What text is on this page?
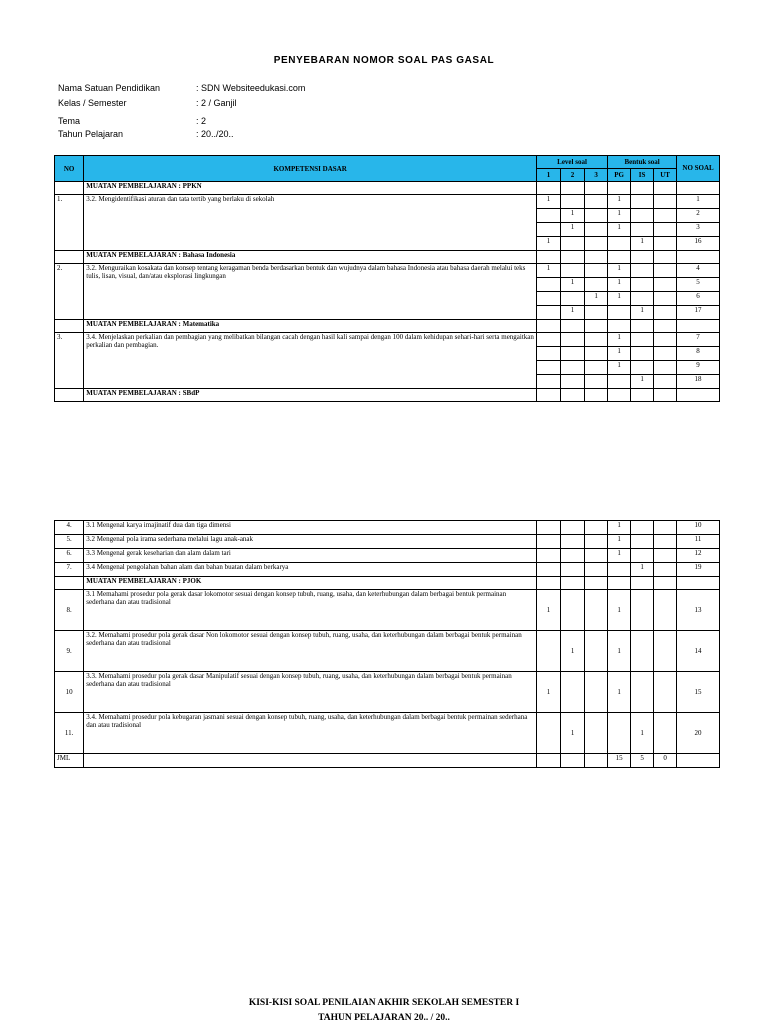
PENYEBARAN NOMOR SOAL PAS GASAL
Nama Satuan Pendidikan	: SDN Websiteedukasi.com
Kelas / Semester	: 2 / Ganjil
Tema	: 2
Tahun Pelajaran	: 20../20..
NO	KOMPETENSI DASAR	Level soal			Bentuk soal			NO SOAL
		1	2	3	PG	IS	UT	
	MUATAN PEMBELAJARAN : PPKN							
1.	3.2. Mengidentifikasi aturan dan tata tertib yang berlaku di sekolah	1			1			1
			1		1			2
			1		1			3
		1				1		16
	MUATAN PEMBELAJARAN : Bahasa Indonesia							
2.	3.2. Menguraikan kosakata dan konsep tentang keragaman benda berdasarkan bentuk dan wujudnya dalam bahasa Indonesia atau bahasa daerah melalui teks tulis, lisan, visual, dan/atau eksplorasi lingkungan	1			1			4
			1		1			5
				1	1			6
			1			1		17
	MUATAN PEMBELAJARAN : Matematika							
3.	3.4. Menjelaskan perkalian dan pembagian yang melibatkan bilangan cacah dengan hasil kali sampai dengan 100 dalam kehidupan sehari-hari serta mengaitkan perkalian dan pembagian.				1			7
					1			8
					1			9
						1		18
	MUATAN PEMBELAJARAN : SBdP							
4.	3.1 Mengenal karya imajinatif dua dan tiga dimensi				1			10
5.	3.2 Mengenal pola irama sederhana melalui lagu anak-anak				1			11
6.	3.3 Mengenal gerak keseharian dan alam dalam tari				1			12
7.	3.4 Mengenal pengolahan bahan alam dan bahan buatan dalam berkarya					1		19
	MUATAN PEMBELAJARAN : PJOK							
8.	3.1 Memahami prosedur pola gerak dasar lokomotor sesuai dengan konsep tubuh, ruang, usaha, dan keterhubungan dalam berbagai bentuk permainan sederhana dan atau tradisional	1			1			13
9.	3.2. Memahami prosedur pola gerak dasar Non lokomotor sesuai dengan konsep tubuh, ruang, usaha, dan keterhubungan dalam berbagai bentuk permainan sederhana dan atau tradisional		1		1			14
10	3.3. Memahami prosedur pola gerak dasar Manipulatif sesuai dengan konsep tubuh, ruang, usaha, dan keterhubungan dalam berbagai bentuk permainan sederhana dan atau tradisional	1			1			15
11.	3.4. Memahami prosedur pola kebugaran jasmani sesuai dengan konsep tubuh, ruang, usaha, dan keterhubungan dalam berbagai bentuk permainan sederhana dan atau tradisional		1			1		20
JML					15	5	0	
KISI-KISI SOAL PENILAIAN AKHIR SEKOLAH SEMESTER I
TAHUN PELAJARAN 20.. / 20..
